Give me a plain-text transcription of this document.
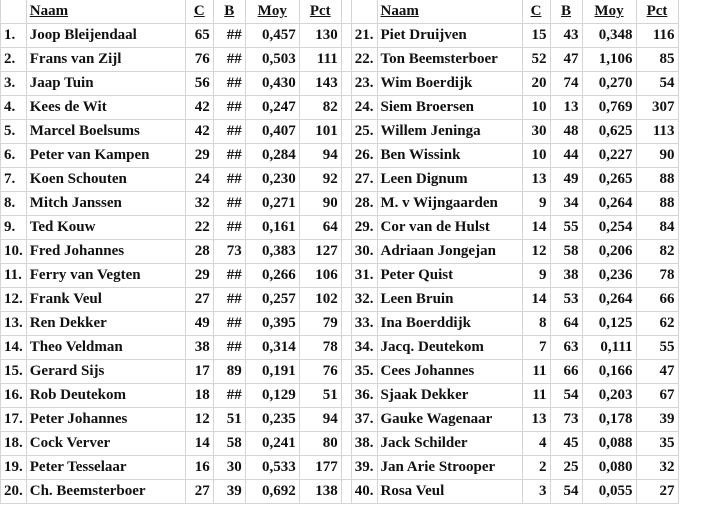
	Naam	C	B	Moy	Pct			Naam	C	B	Moy	Pct
1.	Joop Bleijendaal	65	##	0,457	130		21.	Piet Druijven	15	43	0,348	116
2.	Frans van Zijl	76	##	0,503	111		22.	Ton Beemsterboer	52	47	1,106	85
3.	Jaap Tuin	56	##	0,430	143		23.	Wim Boerdijk	20	74	0,270	54
4.	Kees de Wit	42	##	0,247	82		24.	Siem Broersen	10	13	0,769	307
5.	Marcel Boelsums	42	##	0,407	101		25.	Willem Jeninga	30	48	0,625	113
6.	Peter van Kampen	29	##	0,284	94		26.	Ben Wissink	10	44	0,227	90
7.	Koen Schouten	24	##	0,230	92		27.	Leen Dignum	13	49	0,265	88
8.	Mitch Janssen	32	##	0,271	90		28.	M. v Wijngaarden	9	34	0,264	88
9.	Ted Kouw	22	##	0,161	64		29.	Cor van de Hulst	14	55	0,254	84
10.	Fred Johannes	28	73	0,383	127		30.	Adriaan Jongejan	12	58	0,206	82
11.	Ferry van Vegten	29	##	0,266	106		31.	Peter Quist	9	38	0,236	78
12.	Frank Veul	27	##	0,257	102		32.	Leen Bruin	14	53	0,264	66
13.	Ren Dekker	49	##	0,395	79		33.	Ina Boerddijk	8	64	0,125	62
14.	Theo Veldman	38	##	0,314	78		34.	Jacq. Deutekom	7	63	0,111	55
15.	Gerard Sijs	17	89	0,191	76		35.	Cees Johannes	11	66	0,166	47
16.	Rob Deutekom	18	##	0,129	51		36.	Sjaak Dekker	11	54	0,203	67
17.	Peter Johannes	12	51	0,235	94		37.	Gauke Wagenaar	13	73	0,178	39
18.	Cock Verver	14	58	0,241	80		38.	Jack Schilder	4	45	0,088	35
19.	Peter Tesselaar	16	30	0,533	177		39.	Jan Arie Strooper	2	25	0,080	32
20.	Ch. Beemsterboer	27	39	0,692	138		40.	Rosa Veul	3	54	0,055	27
